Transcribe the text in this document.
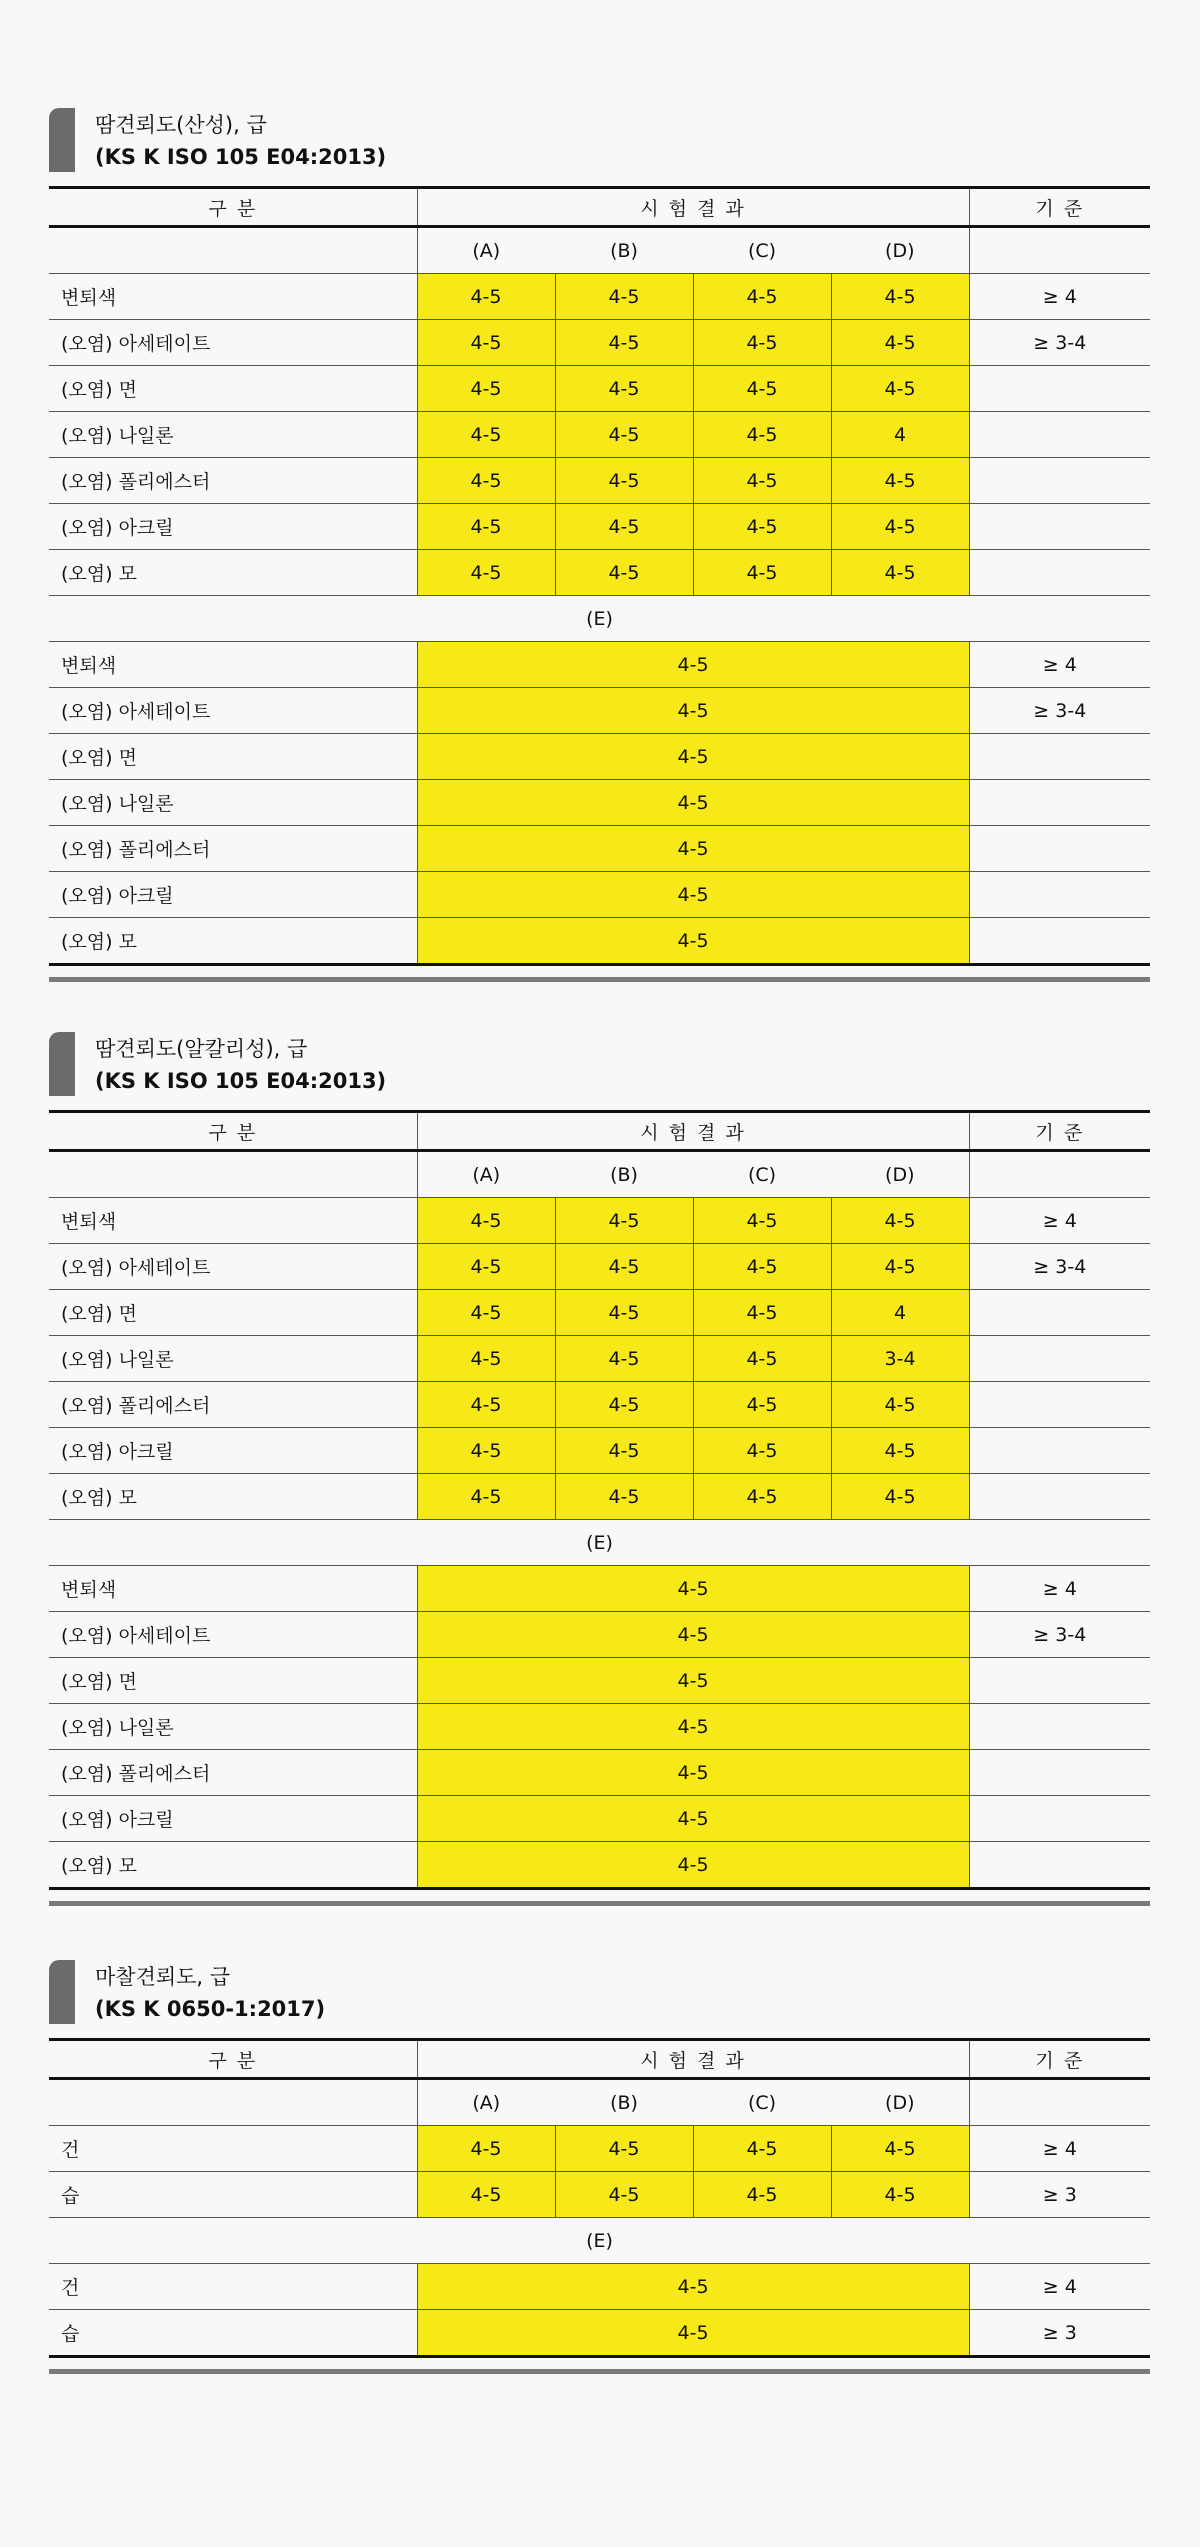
땀견뢰도(산성), 급
(KS K ISO 105 E04:2013)
구 분	시 험 결 과				기 준
	(A)	(B)	(C)	(D)	
변퇴색	4-5	4-5	4-5	4-5	≥ 4
(오염) 아세테이트	4-5	4-5	4-5	4-5	≥ 3-4
(오염) 면	4-5	4-5	4-5	4-5	
(오염) 나일론	4-5	4-5	4-5	4	
(오염) 폴리에스터	4-5	4-5	4-5	4-5	
(오염) 아크릴	4-5	4-5	4-5	4-5	
(오염) 모	4-5	4-5	4-5	4-5	
(E)					
변퇴색	4-5				≥ 4
(오염) 아세테이트	4-5				≥ 3-4
(오염) 면	4-5				
(오염) 나일론	4-5				
(오염) 폴리에스터	4-5				
(오염) 아크릴	4-5				
(오염) 모	4-5				
땀견뢰도(알칼리성), 급
(KS K ISO 105 E04:2013)
구 분	시 험 결 과				기 준
	(A)	(B)	(C)	(D)	
변퇴색	4-5	4-5	4-5	4-5	≥ 4
(오염) 아세테이트	4-5	4-5	4-5	4-5	≥ 3-4
(오염) 면	4-5	4-5	4-5	4	
(오염) 나일론	4-5	4-5	4-5	3-4	
(오염) 폴리에스터	4-5	4-5	4-5	4-5	
(오염) 아크릴	4-5	4-5	4-5	4-5	
(오염) 모	4-5	4-5	4-5	4-5	
(E)					
변퇴색	4-5				≥ 4
(오염) 아세테이트	4-5				≥ 3-4
(오염) 면	4-5				
(오염) 나일론	4-5				
(오염) 폴리에스터	4-5				
(오염) 아크릴	4-5				
(오염) 모	4-5				
마찰견뢰도, 급
(KS K 0650-1:2017)
구 분	시 험 결 과				기 준
	(A)	(B)	(C)	(D)	
건	4-5	4-5	4-5	4-5	≥ 4
습	4-5	4-5	4-5	4-5	≥ 3
(E)					
건	4-5				≥ 4
습	4-5				≥ 3
